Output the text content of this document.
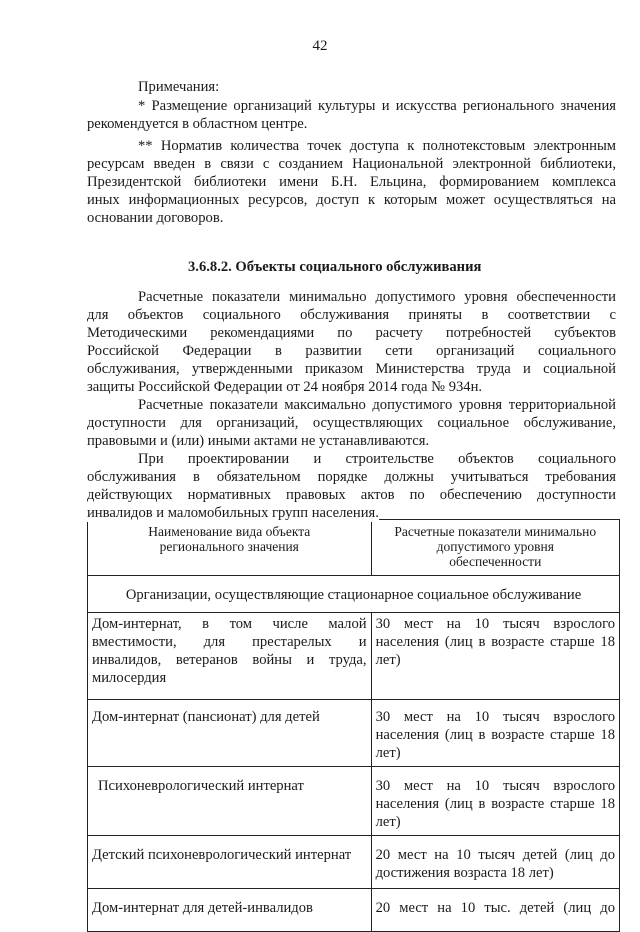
42
Примечания:
* Размещение организаций культуры и искусства регионального значения
рекомендуется в областном центре.
** Норматив количества точек доступа к полнотекстовым электронным
ресурсам введен в связи с созданием Национальной электронной библиотеки,
Президентской библиотеки имени Б.Н. Ельцина, формированием комплекса
иных информационных ресурсов, доступ к которым может осуществляться на
основании договоров.
3.6.8.2. Объекты социального обслуживания
Расчетные показатели минимально допустимого уровня обеспеченности
для объектов социального обслуживания приняты в соответствии с
Методическими рекомендациями по расчету потребностей субъектов
Российской Федерации в развитии сети организаций социального
обслуживания, утвержденными приказом Министерства труда и социальной
защиты Российской Федерации от 24 ноября 2014 года № 934н.
Расчетные показатели максимально допустимого уровня территориальной
доступности для организаций, осуществляющих социальное обслуживание,
правовыми и (или) иными актами не устанавливаются.
При проектировании и строительстве объектов социального
обслуживания в обязательном порядке должны учитываться требования
действующих нормативных правовых актов по обеспечению доступности
инвалидов и маломобильных групп населения.
Наименование вида объекта
регионального значения	Расчетные показатели минимально
допустимого уровня
обеспеченности

Организации, осуществляющие стационарное социальное обслуживание	

Дом-интернат, в том числе малой
вместимости, для престарелых и
инвалидов, ветеранов войны и труда,
милосердия	30 мест на 10 тысяч взрослого
населения (лиц в возрасте старше 18
лет)

Дом-интернат (пансионат) для детей	30 мест на 10 тысяч взрослого
населения (лиц в возрасте старше 18
лет)

Психоневрологический интернат	30 мест на 10 тысяч взрослого
населения (лиц в возрасте старше 18
лет)

Детский психоневрологический интернат	20 мест на 10 тысяч детей (лиц до
достижения возраста 18 лет)

Дом-интернат для детей-инвалидов	20 мест на 10 тыс. детей (лиц до
